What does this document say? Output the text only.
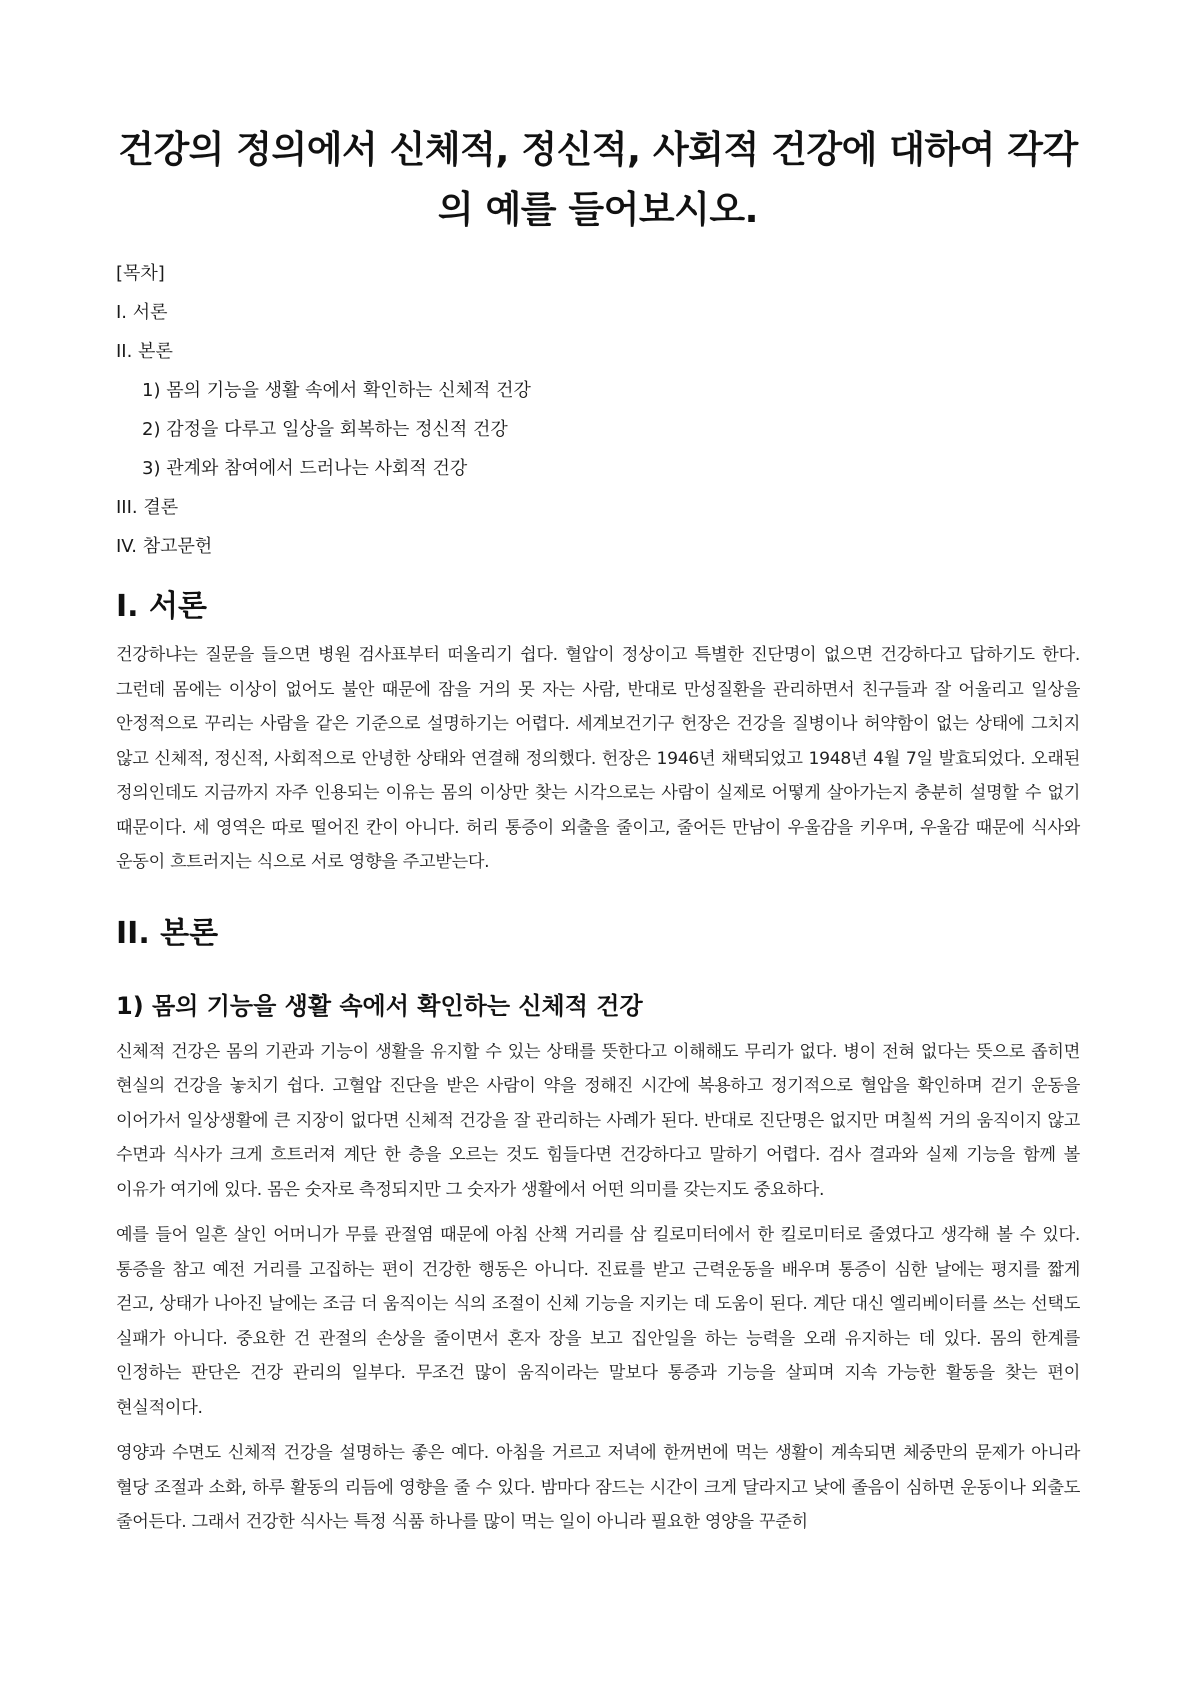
건강의 정의에서 신체적, 정신적, 사회적 건강에 대하여 각각의 예를 들어보시오.
[목차]
I. 서론
II. 본론
1) 몸의 기능을 생활 속에서 확인하는 신체적 건강
2) 감정을 다루고 일상을 회복하는 정신적 건강
3) 관계와 참여에서 드러나는 사회적 건강
III. 결론
IV. 참고문헌
I. 서론

건강하냐는 질문을 들으면 병원 검사표부터 떠올리기 쉽다. 혈압이 정상이고 특별한 진단명이 없으면 건강하다고 답하기도 한다. 그런데 몸에는 이상이 없어도 불안 때문에 잠을 거의 못 자는 사람, 반대로 만성질환을 관리하면서 친구들과 잘 어울리고 일상을 안정적으로 꾸리는 사람을 같은 기준으로 설명하기는 어렵다. 세계보건기구 헌장은 건강을 질병이나 허약함이 없는 상태에 그치지 않고 신체적, 정신적, 사회적으로 안녕한 상태와 연결해 정의했다. 헌장은 1946년 채택되었고 1948년 4월 7일 발효되었다. 오래된 정의인데도 지금까지 자주 인용되는 이유는 몸의 이상만 찾는 시각으로는 사람이 실제로 어떻게 살아가는지 충분히 설명할 수 없기 때문이다. 세 영역은 따로 떨어진 칸이 아니다. 허리 통증이 외출을 줄이고, 줄어든 만남이 우울감을 키우며, 우울감 때문에 식사와 운동이 흐트러지는 식으로 서로 영향을 주고받는다.

II. 본론
1) 몸의 기능을 생활 속에서 확인하는 신체적 건강

신체적 건강은 몸의 기관과 기능이 생활을 유지할 수 있는 상태를 뜻한다고 이해해도 무리가 없다. 병이 전혀 없다는 뜻으로 좁히면 현실의 건강을 놓치기 쉽다. 고혈압 진단을 받은 사람이 약을 정해진 시간에 복용하고 정기적으로 혈압을 확인하며 걷기 운동을 이어가서 일상생활에 큰 지장이 없다면 신체적 건강을 잘 관리하는 사례가 된다. 반대로 진단명은 없지만 며칠씩 거의 움직이지 않고 수면과 식사가 크게 흐트러져 계단 한 층을 오르는 것도 힘들다면 건강하다고 말하기 어렵다. 검사 결과와 실제 기능을 함께 볼 이유가 여기에 있다. 몸은 숫자로 측정되지만 그 숫자가 생활에서 어떤 의미를 갖는지도 중요하다.

예를 들어 일흔 살인 어머니가 무릎 관절염 때문에 아침 산책 거리를 삼 킬로미터에서 한 킬로미터로 줄였다고 생각해 볼 수 있다. 통증을 참고 예전 거리를 고집하는 편이 건강한 행동은 아니다. 진료를 받고 근력운동을 배우며 통증이 심한 날에는 평지를 짧게 걷고, 상태가 나아진 날에는 조금 더 움직이는 식의 조절이 신체 기능을 지키는 데 도움이 된다. 계단 대신 엘리베이터를 쓰는 선택도 실패가 아니다. 중요한 건 관절의 손상을 줄이면서 혼자 장을 보고 집안일을 하는 능력을 오래 유지하는 데 있다. 몸의 한계를 인정하는 판단은 건강 관리의 일부다. 무조건 많이 움직이라는 말보다 통증과 기능을 살피며 지속 가능한 활동을 찾는 편이 현실적이다.

영양과 수면도 신체적 건강을 설명하는 좋은 예다. 아침을 거르고 저녁에 한꺼번에 먹는 생활이 계속되면 체중만의 문제가 아니라 혈당 조절과 소화, 하루 활동의 리듬에 영향을 줄 수 있다. 밤마다 잠드는 시간이 크게 달라지고 낮에 졸음이 심하면 운동이나 외출도 줄어든다. 그래서 건강한 식사는 특정 식품 하나를 많이 먹는 일이 아니라 필요한 영양을 꾸준히
